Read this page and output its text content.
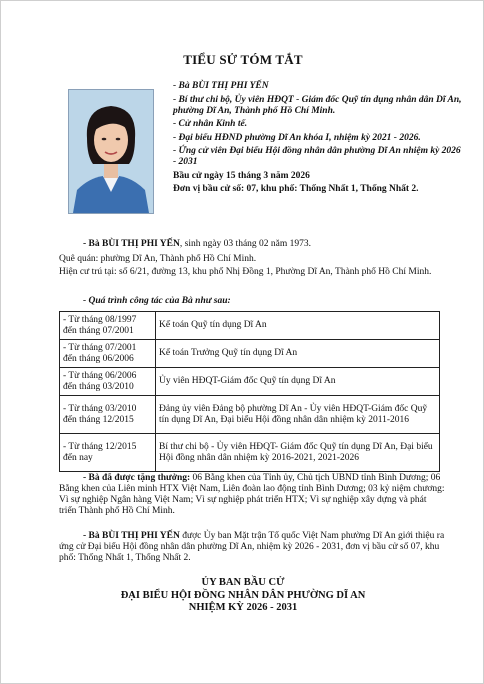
TIỂU SỬ TÓM TẮT
- Bà BÙI THỊ PHI YẾN
- Bí thư chi bộ, Ủy viên HĐQT - Giám đốc Quỹ tín dụng nhân dân Dĩ An, phường Dĩ An, Thành phố Hồ Chí Minh.
- Cử nhân Kinh tế.
- Đại biểu HĐND phường Dĩ An khóa I, nhiệm kỳ 2021 - 2026.
- Ứng cử viên Đại biểu Hội đồng nhân dân phường Dĩ An nhiệm kỳ 2026 - 2031
Bầu cử ngày 15 tháng 3 năm 2026
Đơn vị bầu cử số: 07, khu phố: Thống Nhất 1, Thống Nhất 2.
- Bà BÙI THỊ PHI YẾN, sinh ngày 03 tháng 02 năm 1973.
Quê quán: phường Dĩ An, Thành phố Hồ Chí Minh.
Hiện cư trú tại: số 6/21, đường 13, khu phố Nhị Đồng 1, Phường Dĩ An, Thành phố Hồ Chí Minh.
- Quá trình công tác của Bà như sau:
- Từ tháng 08/1997 đến tháng 07/2001	Kế toán Quỹ tín dụng Dĩ An
- Từ tháng 07/2001 đến tháng 06/2006	Kế toán Trưởng Quỹ tín dụng Dĩ An
- Từ tháng 06/2006 đến tháng 03/2010	Ủy viên HĐQT-Giám đốc Quỹ tín dụng Dĩ An
- Từ tháng 03/2010 đến tháng 12/2015	Đảng ủy viên Đảng bộ phường Dĩ An - Ủy viên HĐQT-Giám đốc Quỹ tín dụng Dĩ An, Đại biểu Hội đồng nhân dân nhiệm kỳ 2011-2016
- Từ tháng 12/2015 đến nay	Bí thư chi bộ - Ủy viên HĐQT- Giám đốc Quỹ tín dụng Dĩ An, Đại biểu Hội đồng nhân dân nhiệm kỳ 2016-2021, 2021-2026
- Bà đã được tặng thưởng: 06 Bằng khen của Tỉnh ủy, Chủ tịch UBND tỉnh Bình Dương; 06 Bằng khen của Liên minh HTX Việt Nam, Liên đoàn lao động tỉnh Bình Dương; 03 kỷ niệm chương: Vì sự nghiệp Ngân hàng Việt Nam; Vì sự nghiệp phát triển HTX; Vì sự nghiệp xây dựng và phát triển Thành phố Hồ Chí Minh.
- Bà BÙI THỊ PHI YẾN được Ủy ban Mặt trận Tổ quốc Việt Nam phường Dĩ An giới thiệu ra ứng cử Đại biểu Hội đồng nhân dân phường Dĩ An, nhiệm kỳ 2026 - 2031, đơn vị bầu cử số 07, khu phố: Thống Nhất 1, Thống Nhất 2.
ỦY BAN BẦU CỬ
ĐẠI BIỂU HỘI ĐỒNG NHÂN DÂN PHƯỜNG DĨ AN
NHIỆM KỲ 2026 - 2031
